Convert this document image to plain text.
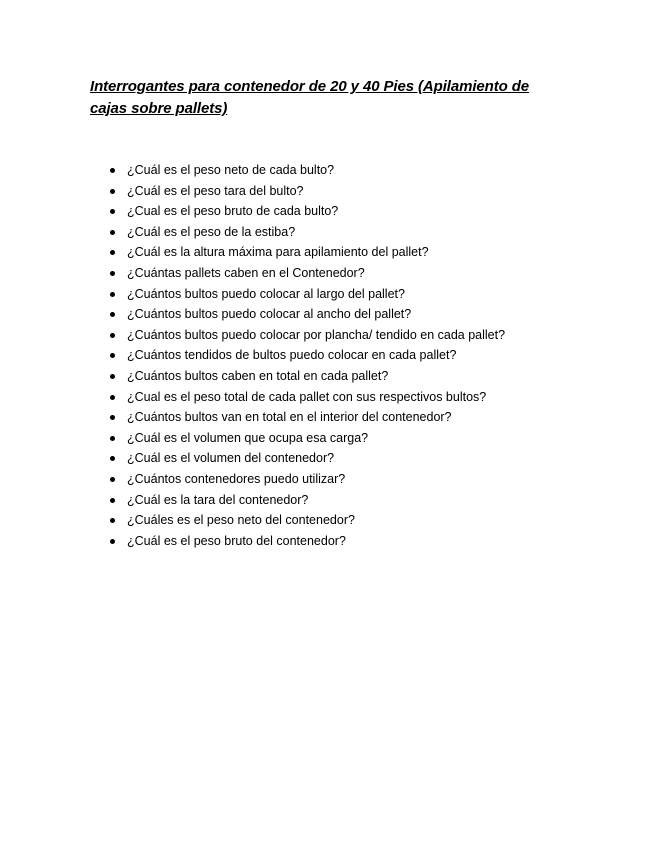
Interrogantes para contenedor de 20 y 40 Pies (Apilamiento de cajas sobre pallets)
¿Cuál es el peso neto de cada bulto?
¿Cuál es el peso tara del bulto?
¿Cual es el peso bruto de cada bulto?
¿Cuál es el peso de la estiba?
¿Cuál es la altura máxima para apilamiento del pallet?
¿Cuántas pallets caben en el Contenedor?
¿Cuántos bultos puedo colocar al largo del pallet?
¿Cuántos bultos puedo colocar al ancho del pallet?
¿Cuántos bultos puedo colocar por plancha/ tendido en cada pallet?
¿Cuántos tendidos de bultos puedo colocar en cada pallet?
¿Cuántos bultos caben en total en cada pallet?
¿Cual es el peso total de cada pallet con sus respectivos bultos?
¿Cuántos bultos van en total en el interior del contenedor?
¿Cuál es el volumen que ocupa esa carga?
¿Cuál es el volumen del contenedor?
¿Cuántos contenedores puedo utilizar?
¿Cuál es la tara del contenedor?
¿Cuáles es el peso neto del contenedor?
¿Cuál es el peso bruto del contenedor?
